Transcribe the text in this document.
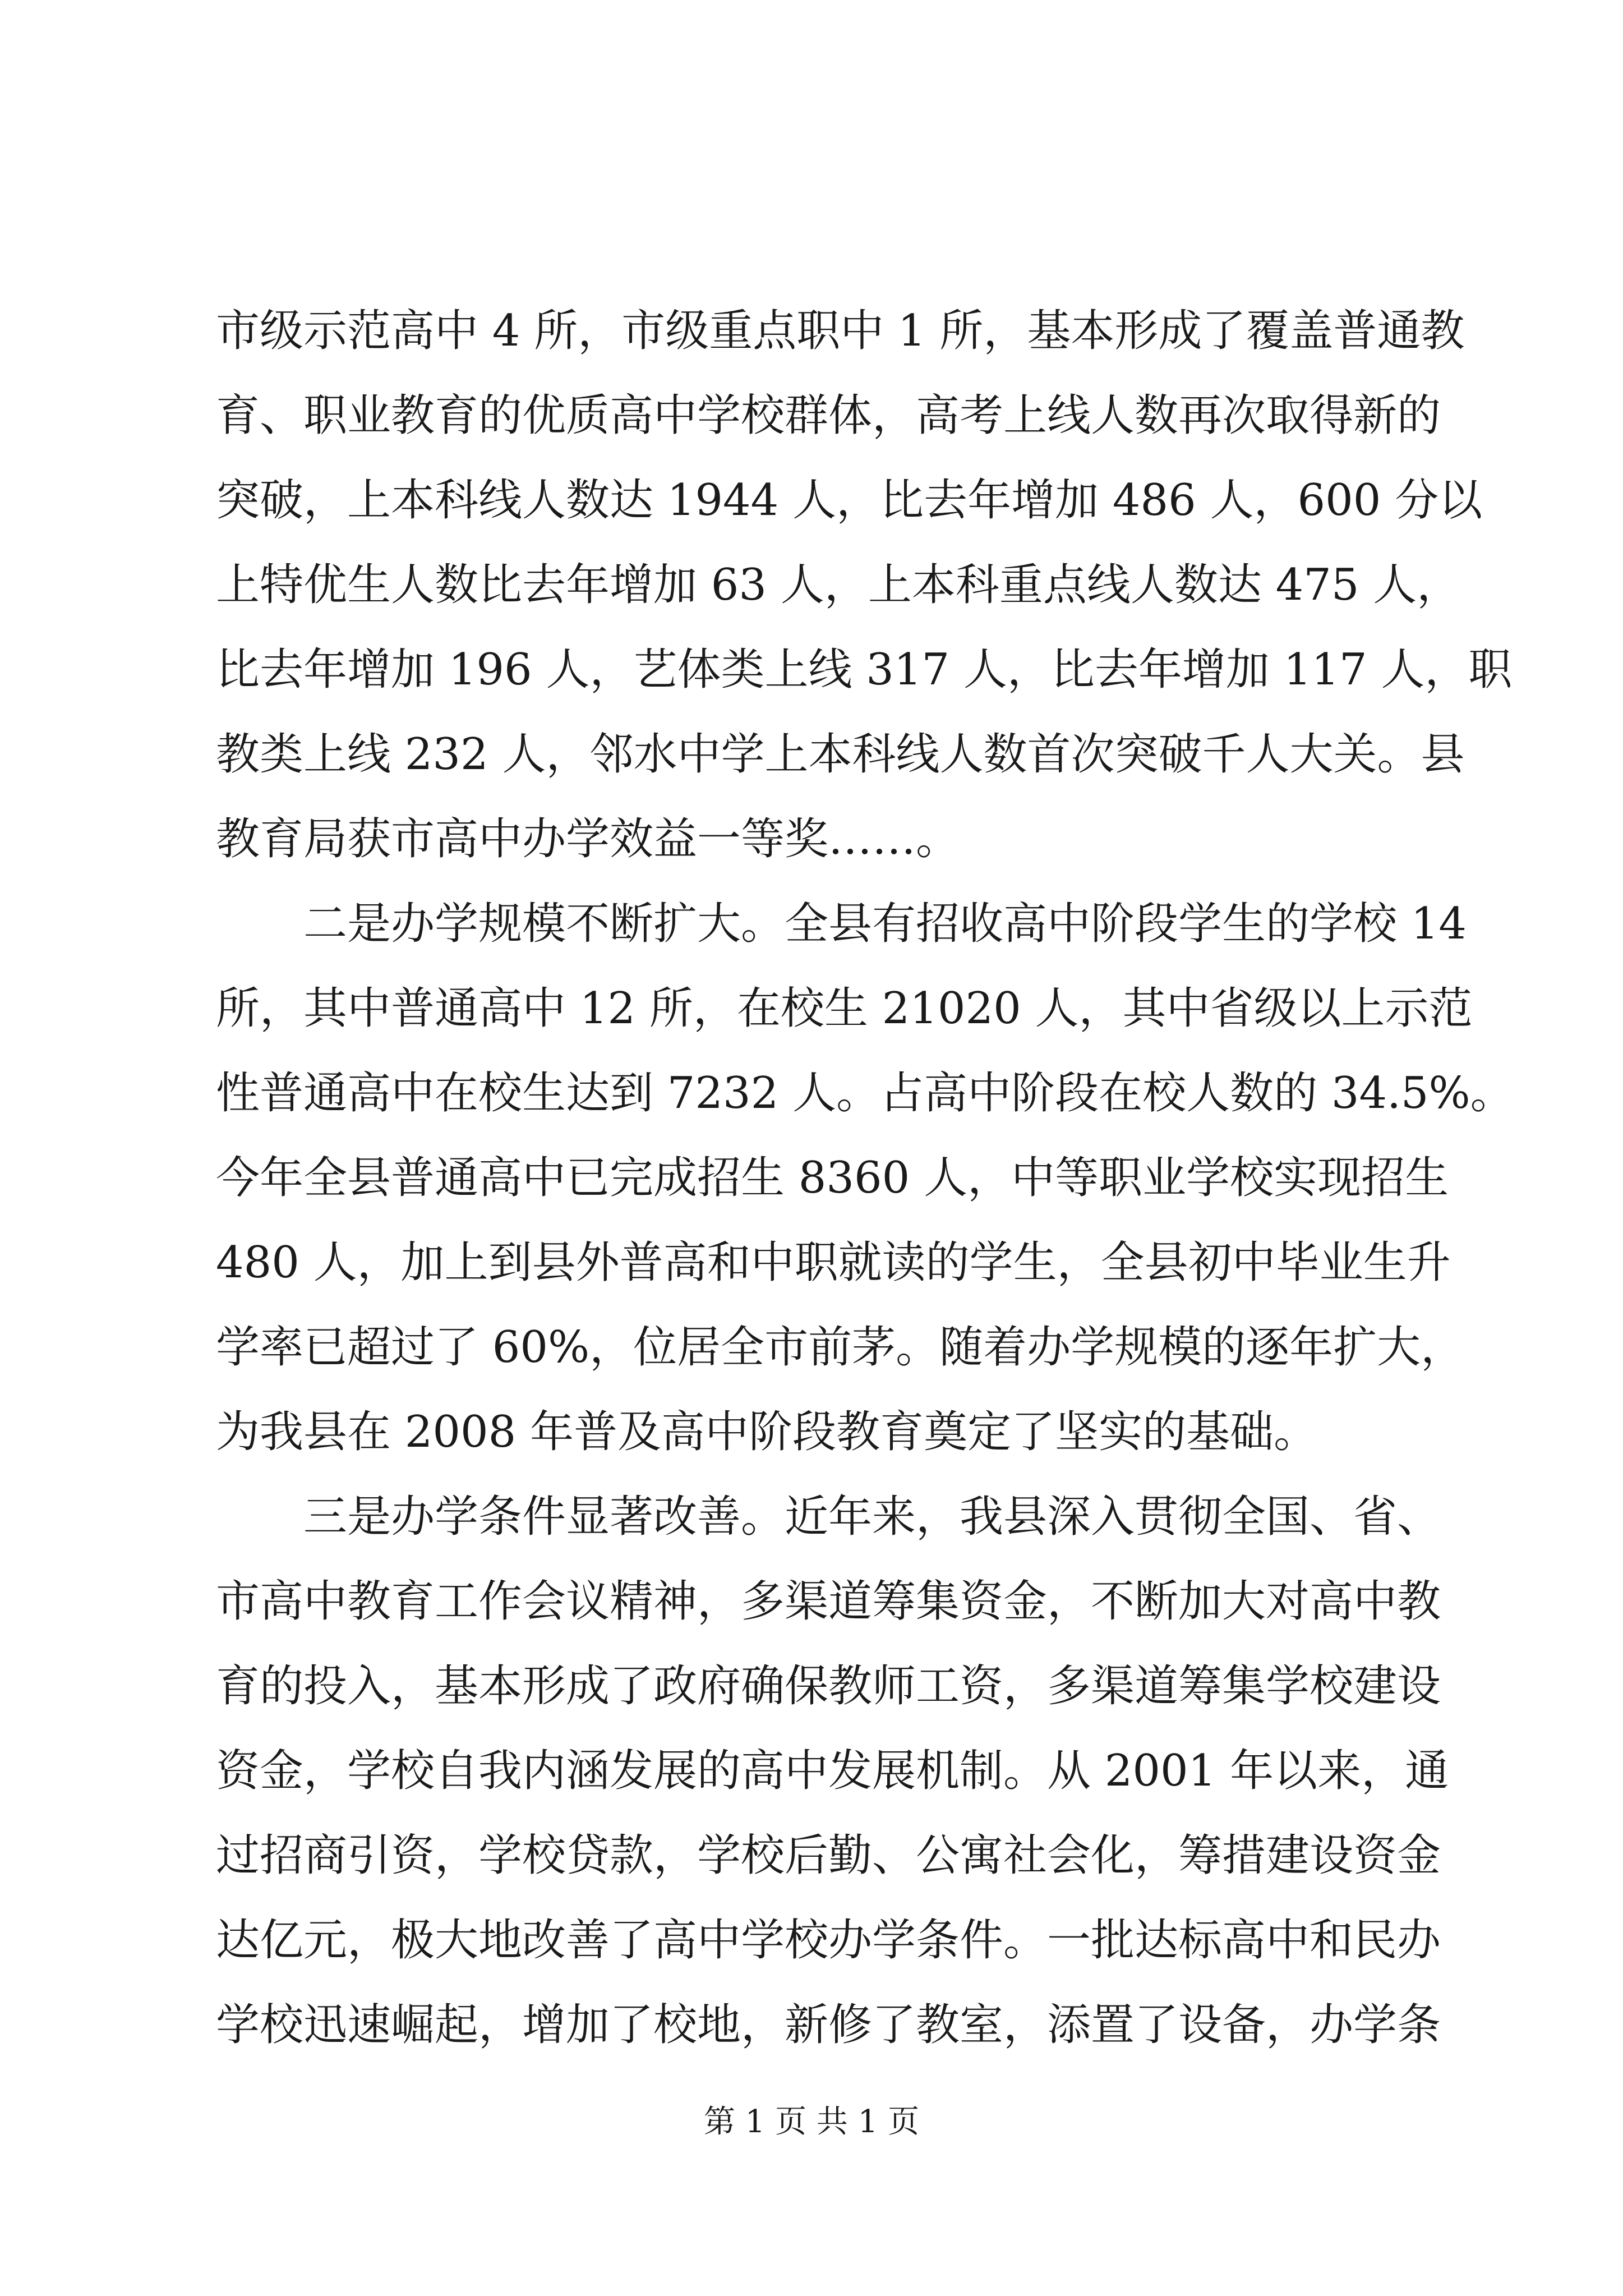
市级示范高中 4 所，市级重点职中 1 所，基本形成了覆盖普通教
育、职业教育的优质高中学校群体，高考上线人数再次取得新的
突破，上本科线人数达 1944 人，比去年增加 486 人，600 分以
上特优生人数比去年增加 63 人，上本科重点线人数达 475 人，
比去年增加 196 人，艺体类上线 317 人，比去年增加 117 人，职
教类上线 232 人，邻水中学上本科线人数首次突破千人大关。县
教育局获市高中办学效益一等奖……。
　　二是办学规模不断扩大。全县有招收高中阶段学生的学校 14
所，其中普通高中 12 所，在校生 21020 人，其中省级以上示范
性普通高中在校生达到 7232 人。占高中阶段在校人数的 34.5%。
今年全县普通高中已完成招生 8360 人，中等职业学校实现招生
480 人，加上到县外普高和中职就读的学生，全县初中毕业生升
学率已超过了 60%，位居全市前茅。随着办学规模的逐年扩大，
为我县在 2008 年普及高中阶段教育奠定了坚实的基础。
　　三是办学条件显著改善。近年来，我县深入贯彻全国、省、
市高中教育工作会议精神，多渠道筹集资金，不断加大对高中教
育的投入，基本形成了政府确保教师工资，多渠道筹集学校建设
资金，学校自我内涵发展的高中发展机制。从 2001 年以来，通
过招商引资，学校贷款，学校后勤、公寓社会化，筹措建设资金
达亿元，极大地改善了高中学校办学条件。一批达标高中和民办
学校迅速崛起，增加了校地，新修了教室，添置了设备，办学条
第 1 页 共 1 页
